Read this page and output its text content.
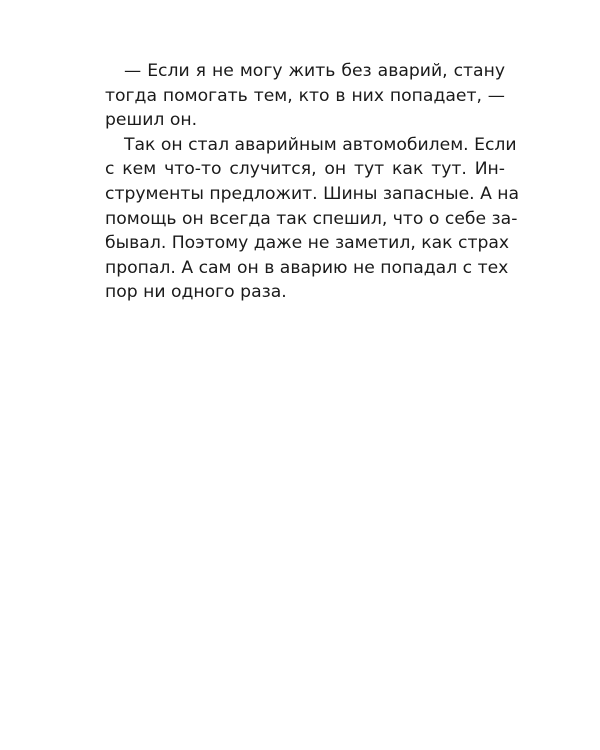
— Если я не могу жить без аварий, стану
тогда помогать тем, кто в них попадает, —
решил он.

Так он стал аварийным автомобилем. Если
с кем что-то случится, он тут как тут. Ин-
струменты предложит. Шины запасные. А на
помощь он всегда так спешил, что о себе за-
бывал. Поэтому даже не заметил, как страх
пропал. А сам он в аварию не попадал с тех
пор ни одного раза.
